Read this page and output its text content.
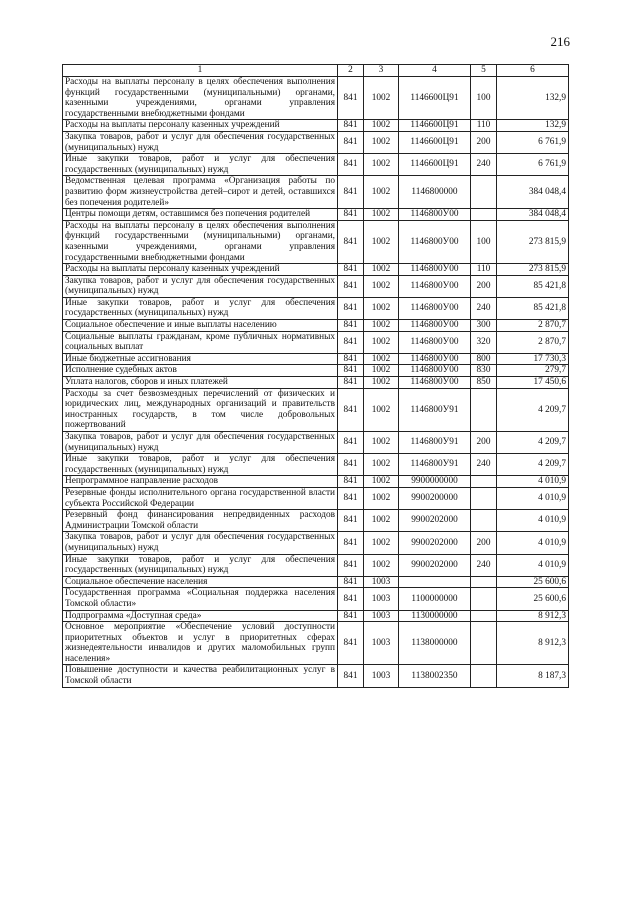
216
1	2	3	4	5	6
Расходы на выплаты персоналу в целях обеспечения выполнения функций государственными (муниципальными) органами, казенными учреждениями, органами управления государственными внебюджетными фондами	841	1002	1146600Ц91	100	132,9
Расходы на выплаты персоналу казенных учреждений	841	1002	1146600Ц91	110	132,9
Закупка товаров, работ и услуг для обеспечения государственных (муниципальных) нужд	841	1002	1146600Ц91	200	6 761,9
Иные закупки товаров, работ и услуг для обеспечения государственных (муниципальных) нужд	841	1002	1146600Ц91	240	6 761,9
Ведомственная целевая программа «Организация работы по развитию форм жизнеустройства детей–сирот и детей, оставшихся без попечения родителей»	841	1002	1146800000		384 048,4
Центры помощи детям, оставшимся без попечения родителей	841	1002	1146800У00		384 048,4
Расходы на выплаты персоналу в целях обеспечения выполнения функций государственными (муниципальными) органами, казенными учреждениями, органами управления государственными внебюджетными фондами	841	1002	1146800У00	100	273 815,9
Расходы на выплаты персоналу казенных учреждений	841	1002	1146800У00	110	273 815,9
Закупка товаров, работ и услуг для обеспечения государственных (муниципальных) нужд	841	1002	1146800У00	200	85 421,8
Иные закупки товаров, работ и услуг для обеспечения государственных (муниципальных) нужд	841	1002	1146800У00	240	85 421,8
Социальное обеспечение и иные выплаты населению	841	1002	1146800У00	300	2 870,7
Социальные выплаты гражданам, кроме публичных нормативных социальных выплат	841	1002	1146800У00	320	2 870,7
Иные бюджетные ассигнования	841	1002	1146800У00	800	17 730,3
Исполнение судебных актов	841	1002	1146800У00	830	279,7
Уплата налогов, сборов и иных платежей	841	1002	1146800У00	850	17 450,6
Расходы за счет безвозмездных перечислений от физических и юридических лиц, международных организаций и правительств иностранных государств, в том числе добровольных пожертвований	841	1002	1146800У91		4 209,7
Закупка товаров, работ и услуг для обеспечения государственных (муниципальных) нужд	841	1002	1146800У91	200	4 209,7
Иные закупки товаров, работ и услуг для обеспечения государственных (муниципальных) нужд	841	1002	1146800У91	240	4 209,7
Непрограммное направление расходов	841	1002	9900000000		4 010,9
Резервные фонды исполнительного органа государственной власти субъекта Российской Федерации	841	1002	9900200000		4 010,9
Резервный фонд финансирования непредвиденных расходов Администрации Томской области	841	1002	9900202000		4 010,9
Закупка товаров, работ и услуг для обеспечения государственных (муниципальных) нужд	841	1002	9900202000	200	4 010,9
Иные закупки товаров, работ и услуг для обеспечения государственных (муниципальных) нужд	841	1002	9900202000	240	4 010,9
Социальное обеспечение населения	841	1003			25 600,6
Государственная программа «Социальная поддержка населения Томской области»	841	1003	1100000000		25 600,6
Подпрограмма «Доступная среда»	841	1003	1130000000		8 912,3
Основное мероприятие «Обеспечение условий доступности приоритетных объектов и услуг в приоритетных сферах жизнедеятельности инвалидов и других маломобильных групп населения»	841	1003	1138000000		8 912,3
Повышение доступности и качества реабилитационных услуг в Томской области	841	1003	1138002350		8 187,3
